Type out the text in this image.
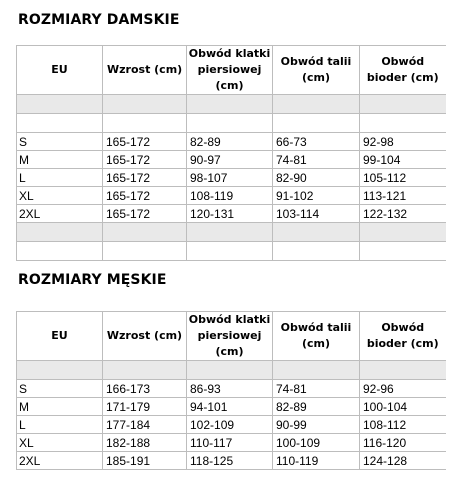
ROZMIARY DAMSKIE
EU	Wzrost (cm)	Obwód klatki piersiowej (cm)	Obwód talii (cm)	Obwód bioder (cm)

S	165-172	82-89	66-73	92-98
M	165-172	90-97	74-81	99-104
L	165-172	98-107	82-90	105-112
XL	165-172	108-119	91-102	113-121
2XL	165-172	120-131	103-114	122-132

ROZMIARY MĘSKIE
EU	Wzrost (cm)	Obwód klatki piersiowej (cm)	Obwód talii (cm)	Obwód bioder (cm)

S	166-173	86-93	74-81	92-96
M	171-179	94-101	82-89	100-104
L	177-184	102-109	90-99	108-112
XL	182-188	110-117	100-109	116-120
2XL	185-191	118-125	110-119	124-128
